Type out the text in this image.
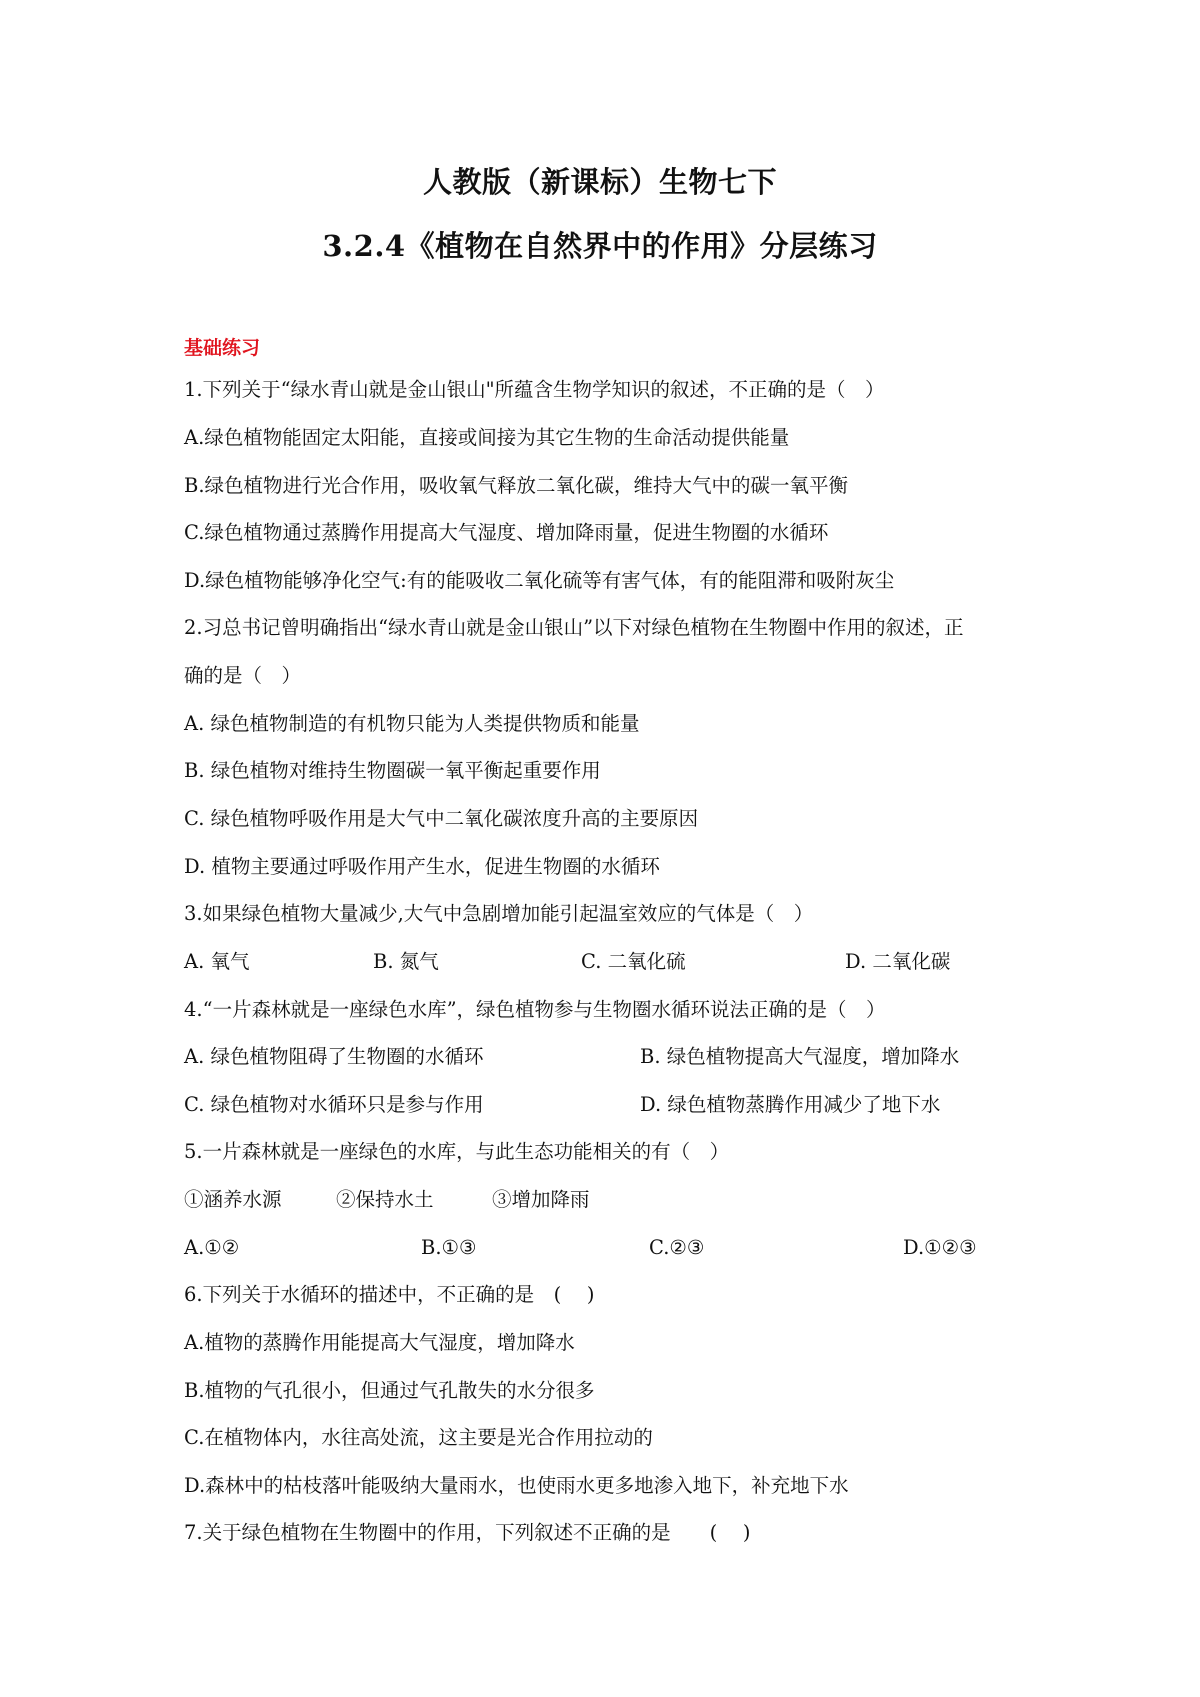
人教版（新课标）生物七下
3.2.4《植物在自然界中的作用》分层练习
基础练习
1.下列关于“绿水青山就是金山银山"所蕴含生物学知识的叙述，不正确的是（　）
A.绿色植物能固定太阳能，直接或间接为其它生物的生命活动提供能量
B.绿色植物进行光合作用，吸收氧气释放二氧化碳，维持大气中的碳一氧平衡
C.绿色植物通过蒸腾作用提高大气湿度、增加降雨量，促进生物圈的水循环
D.绿色植物能够净化空气:有的能吸收二氧化硫等有害气体，有的能阻滞和吸附灰尘
2.习总书记曾明确指出“绿水青山就是金山银山”以下对绿色植物在生物圈中作用的叙述，正
确的是（　）
A. 绿色植物制造的有机物只能为人类提供物质和能量
B. 绿色植物对维持生物圈碳一氧平衡起重要作用
C. 绿色植物呼吸作用是大气中二氧化碳浓度升高的主要原因
D. 植物主要通过呼吸作用产生水，促进生物圈的水循环
3.如果绿色植物大量减少,大气中急剧增加能引起温室效应的气体是（　）
A. 氧气	B. 氮气	C. 二氧化硫	D. 二氧化碳
4.“一片森林就是一座绿色水库”，绿色植物参与生物圈水循环说法正确的是（　）
A. 绿色植物阻碍了生物圈的水循环	B. 绿色植物提高大气湿度，增加降水
C. 绿色植物对水循环只是参与作用	D. 绿色植物蒸腾作用减少了地下水
5.一片森林就是一座绿色的水库，与此生态功能相关的有（　）
①涵养水源	②保持水土	③增加降雨
A.①②	B.①③	C.②③	D.①②③
6.下列关于水循环的描述中，不正确的是　(　 )
A.植物的蒸腾作用能提高大气湿度，增加降水
B.植物的气孔很小，但通过气孔散失的水分很多
C.在植物体内，水往高处流，这主要是光合作用拉动的
D.森林中的枯枝落叶能吸纳大量雨水，也使雨水更多地渗入地下，补充地下水
7.关于绿色植物在生物圈中的作用，下列叙述不正确的是　　(　 )
